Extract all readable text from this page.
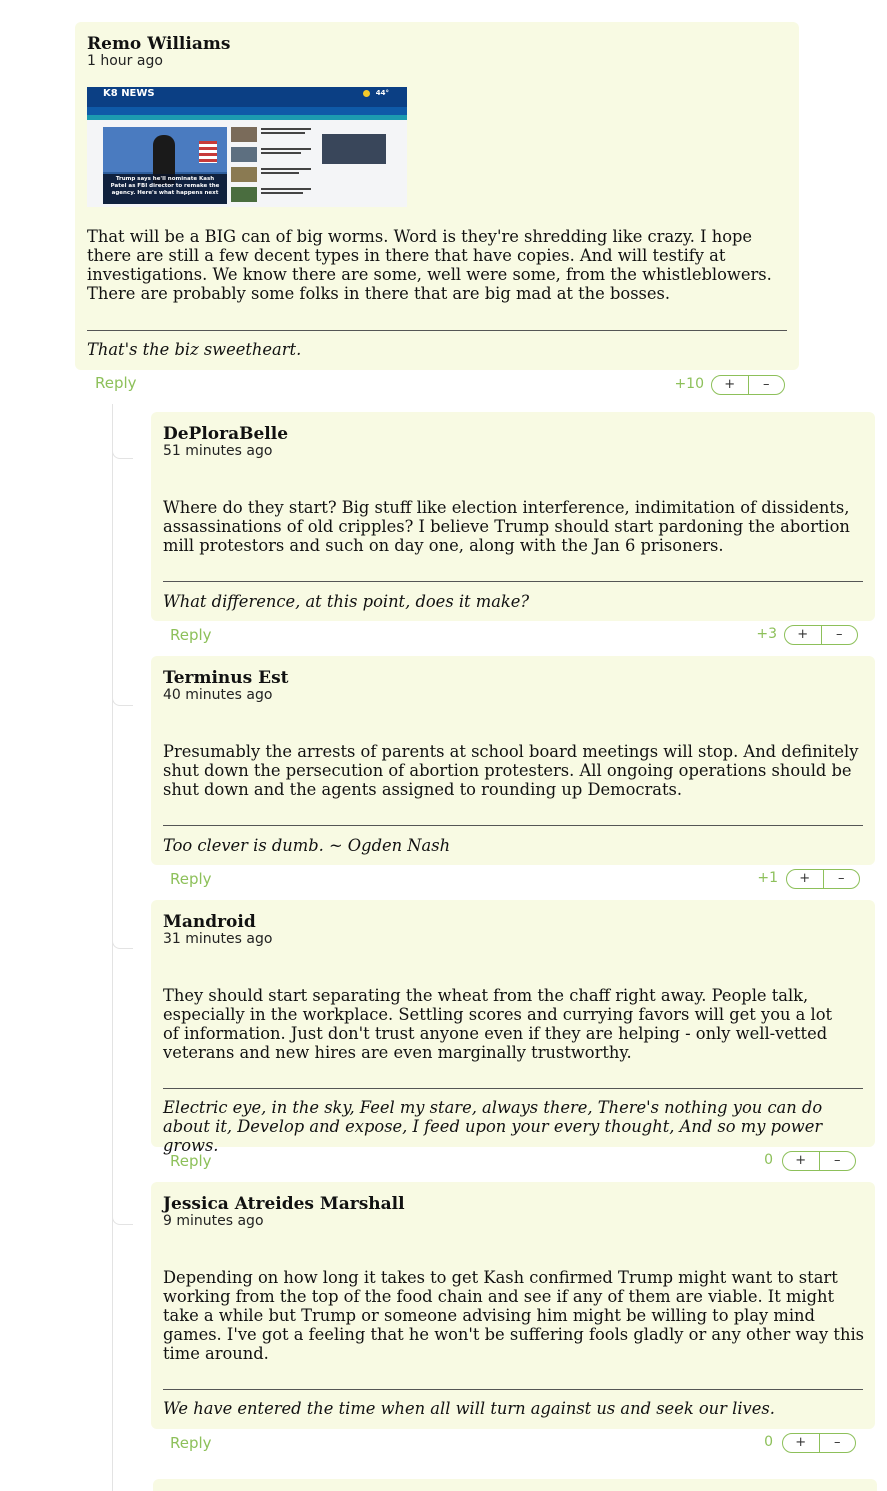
Remo Williams
1 hour ago
K8 NEWS	44°
Trump says he'll nominate Kash Patel as FBI director to remake the agency. Here's what happens next
That will be a BIG can of big worms. Word is they're shredding like crazy. I hope there are still a few decent types in there that have copies. And will testify at investigations. We know there are some, well were some, from the whistleblowers. There are probably some folks in there that are big mad at the bosses.
That's the biz sweetheart.
Reply	+10	+	–
DePloraBelle
51 minutes ago
Where do they start? Big stuff like election interference, indimitation of dissidents, assassinations of old cripples? I believe Trump should start pardoning the abortion mill protestors and such on day one, along with the Jan 6 prisoners.
What difference, at this point, does it make?
Reply	+3	+	–
Terminus Est
40 minutes ago
Presumably the arrests of parents at school board meetings will stop. And definitely shut down the persecution of abortion protesters. All ongoing operations should be shut down and the agents assigned to rounding up Democrats.
Too clever is dumb. ~ Ogden Nash
Reply	+1	+	–
Mandroid
31 minutes ago
They should start separating the wheat from the chaff right away. People talk, especially in the workplace. Settling scores and currying favors will get you a lot of information. Just don't trust anyone even if they are helping - only well-vetted veterans and new hires are even marginally trustworthy.
Electric eye, in the sky, Feel my stare, always there, There's nothing you can do about it, Develop and expose, I feed upon your every thought, And so my power grows.
Reply	0	+	–
Jessica Atreides Marshall
9 minutes ago
Depending on how long it takes to get Kash confirmed Trump might want to start working from the top of the food chain and see if any of them are viable. It might take a while but Trump or someone advising him might be willing to play mind games. I've got a feeling that he won't be suffering fools gladly or any other way this time around.
We have entered the time when all will turn against us and seek our lives.
Reply	0	+	–
